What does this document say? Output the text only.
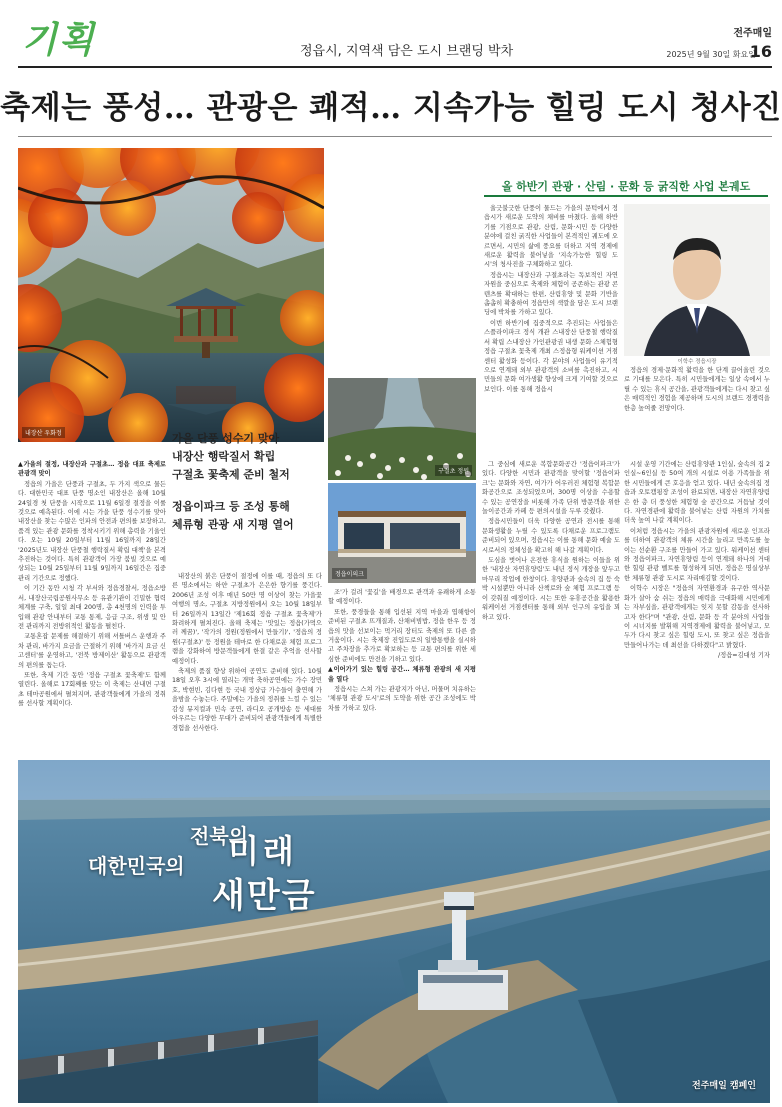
기획	정읍시, 지역색 담은 도시 브랜딩 박차
전주매일
2025년 9월 30일 화요일
16
축제는 풍성… 관광은 쾌적… 지속가능 힐링 도시 청사진
내장산 우화정
구절초 정원
정읍이의크
올 하반기 관광 · 산림 · 문화 등 굵직한 사업 본궤도

울긋불긋한 단풍이 물드는 가을의 문턱에서 정읍시가 새로운 도약의 채비를 마쳤다. 올해 하반기를 기점으로 관광, 산림, 문화·시민 등 다양한 분야에 걸친 굵직한 사업들이 본격적인 궤도에 오르면서, 시민의 삶에 풍요를 더하고 지역 경제에 새로운 활력을 불어넣을 '지속가능한 힐링 도시'의 청사진을 구체화하고 있다.

정읍시는 내장산과 구절초라는 독보적인 자연 자원을 중심으로 축제와 체험이 공존하는 관광 콘텐츠를 확대하는 한편, 산림휴양 및 문화 기반을 촘촘히 확충하여 정읍만의 색깔을 담은 도시 브랜딩에 박차를 가하고 있다.

이번 하반기에 집중적으로 추진되는 사업들은 스플라이파크 정식 개관 스내장산 단풍철 행락질서 확립 스내장산 가인관광권 내생 문화 스체험형 정읍 구절초 꽃축제 개최 스정읍형 워케이션 거점센터 활성화 등이다. 각 분야의 사업들이 유기적으로 연계돼 외부 관광객의 소비를 촉진하고, 시민들의 문화 여가생활 향상에 크게 기여할 것으로 보인다. 이를 통해 정읍시

이학수 정읍시장

정읍의 경제·문화적 활력을 한 단계 끌어올린 것으로 기대를 모은다. 특히 시민들에게는 일상 속에서 누릴 수 있는 휴식 공간을, 관광객들에게는 다시 찾고 싶은 매력적인 경험을 제공하며 도시의 브랜드 경쟁력을 한층 높여줄 전망이다.

가을 단풍 성수기 맞아
내장산 행락질서 확립
구절초 꽃축제 준비 철저
정읍이파크 등 조성 통해
체류형 관광 새 지평 열어

▲가을의 절정, 내장산과 구절초… 정읍 대표 축제로 관광객 맞이

정읍의 가을은 단풍과 구절초, 두 가지 색으로 물든다. 대한민국 대표 단풍 명소인 내장산은 올해 10월 24일경 첫 단풍을 시작으로 11월 6일경 절정을 이룰 것으로 예측된다. 이에 시는 가을 단풍 성수기를 맞아 내장산을 찾는 수많은 인파의 안전과 편의를 보장하고, 품격 있는 관광 문화를 정착시키기 위해 총력을 기울인다. 오는 10월 20일부터 11월 16일까지 28일간 '2025년도 내장산 단풍철 행락질서 확립 대책'을 본격 추진하는 것이다. 특히 관광객이 가장 붐빌 것으로 예상되는 10월 25일부터 11월 9일까지 16일간은 집중 관리 기간으로 정했다.

이 기간 동안 시청 각 부서와 정읍경찰서, 정읍소방서, 내장산국립공원사무소 등 유관기관이 긴밀한 협력체계를 구축, 일일 최대 200명, 총 4천명의 인력을 투입해 관광 안내부터 교통 통제, 응급 구조, 위생 및 안전 관리까지 전방위적인 활동을 펼친다.

교통혼잡 문제를 해결하기 위해 셔틀버스 운행과 주차 관리, 바가지 요금을 근절하기 위해 '바가지 요금 신고센터'를 운영하고, '전북 방제이산' 활동으로 관광객의 편의를 돕는다.

또한, 축제 기간 동안 '정읍 구절초 꽃축제'도 함께 열린다. 올해로 17회째를 맞는 이 축제는 산내면 구절초 테마공원에서 펼쳐지며, 관광객들에게 가을의 정취를 선사할 계획이다.

내장산의 붉은 단풍이 절정에 이를 때, 정읍의 또 다른 명소에서는 하얀 구절초가 은은한 향기를 풍긴다. 2006년 조성 이후 매년 50만 명 이상이 찾는 가을꽃 여행의 명소, 구절초 지방정원에서 오는 10월 18일부터 26일까지 13일간 '제16회 정읍 구절초 꽃축제'가 화려하게 펼쳐진다. 올해 축제는 '맛있는 정읍(가먹으러 께꿈)', '작가의 정원(정원에서 만들기)', '정읍의 정원(구절초)' 등 정원을 테마로 한 다채로운 체험 프로그램을 강화하여 방문객들에게 한결 같은 추억을 선사할 예정이다.

축제의 품질 향상 위하여 공연도 준비해 있다. 10월 18일 오후 3시에 열리는 개막 축하공연에는 가수 장민호, 박현빈, 김다현 등 국내 정상급 가수들이 출연해 가을밤을 수놓는다. 주말에는 가을의 정취를 느낄 수 있는 감성 뮤지컬과 민속 공연, 라디오 공개방송 등 세대를 아우르는 다양한 무대가 준비되어 관광객들에게 특별한 경험을 선사한다.

조'가 걸려 '꽃길'을 배경으로 관객과 유쾌하게 소통할 예정이다.

또한, 풍경들을 통해 입선된 지역 마을과 엽해항이 준비된 구절초 뜨개질과, 산채비빔밥, 정읍 한우 등 정읍의 맛을 선보이는 먹거리 장터도 축제의 또 다른 즐거움이다. 시는 축제장 진입도로의 일방통행을 실시하고 주차장을 추가로 확보하는 등 교통 편의를 위한 세심한 준비에도 만전을 기하고 있다.

▲이어가기 있는 힐링 공간… 체류형 관광의 새 지평을 열다

정읍시는 스쳐 가는 관광지가 아닌, 머물며 치유하는 '체류형 관광 도시'로의 도약을 위한 공간 조성에도 박차를 가하고 있다.

그 중심에 새로운 복합문화공간 '정읍이파크'가 있다. 다양한 시민과 관광객을 맞이할 '정읍이파크'는 문화와 자연, 여가가 어우러진 체험형 복합문화공간으로 조성되었으며, 300명 이상을 수용할 수 있는 공연장을 비롯해 가족 단위 방문객을 위한 놀이공간과 카페 등 편의시설을 두루 갖췄다.

정읍시민들이 더욱 다양한 공연과 전시를 통해 문화생활을 누릴 수 있도록 다채로운 프로그램도 준비되어 있으며, 정읍시는 이를 통해 문화 예술 도시로서의 정체성을 확고히 해 나갈 계획이다.

도심을 벗어나 온전한 휴식을 원하는 이들을 위한 '내장산 자연휴양림'도 내년 정식 개장을 앞두고 마무리 작업에 한창이다. 휴양관과 숲속의 집 등 숙박 시설뿐만 아니라 산책로와 숲 체험 프로그램 등이 갖춰질 예정이다. 시는 또한 유휴공간을 활용한 워케이션 거점센터를 통해 외부 인구의 유입을 꾀하고 있다.

시설 운영 기간에는 산림휴양관 1인실, 숲속의 집 2인실~6인실 등 50여 개의 시설로 이용 가족들을 위한 시민들에게 큰 호응을 얻고 있다. 내년 숲속의집 정읍과 오토캠핑장 조성이 완료되면, 내장산 자연휴양림은 한 층 더 풍성한 체험형 숲 공간으로 거듭날 것이다. 자연경관에 활력을 불어넣는 산림 자원의 가치를 더욱 높여 나갈 계획이다.

이처럼 정읍시는 가을의 관광자원에 새로운 인프라를 더하여 관광객의 체류 시간을 늘리고 만족도를 높이는 선순환 구조를 만들어 가고 있다. 워케이션 센터와 정읍이파크, 자연휴양림 등이 연계돼 하나의 거대한 힐링 관광 벨트를 형성하게 되면, 정읍은 명실상부한 체류형 관광 도시로 자리매김할 것이다.

이학수 시장은 "정읍의 자연환경과 유구한 역사문화가 살아 숨 쉬는 정읍의 매력을 극대화해 시민에게는 자부심을, 관광객에게는 잊지 못할 감동을 선사하고자 한다"며 "관광, 산림, 문화 등 각 분야의 사업들이 시너지를 발휘해 지역경제에 활력을 불어넣고, 모두가 다시 찾고 싶은 힐링 도시, 또 찾고 싶은 정읍을 만들어나가는 데 최선을 다하겠다"고 밝혔다.

/정읍=김대성 기자

전북의
대한민국의 미래
새만금
전주매일 캠페인
